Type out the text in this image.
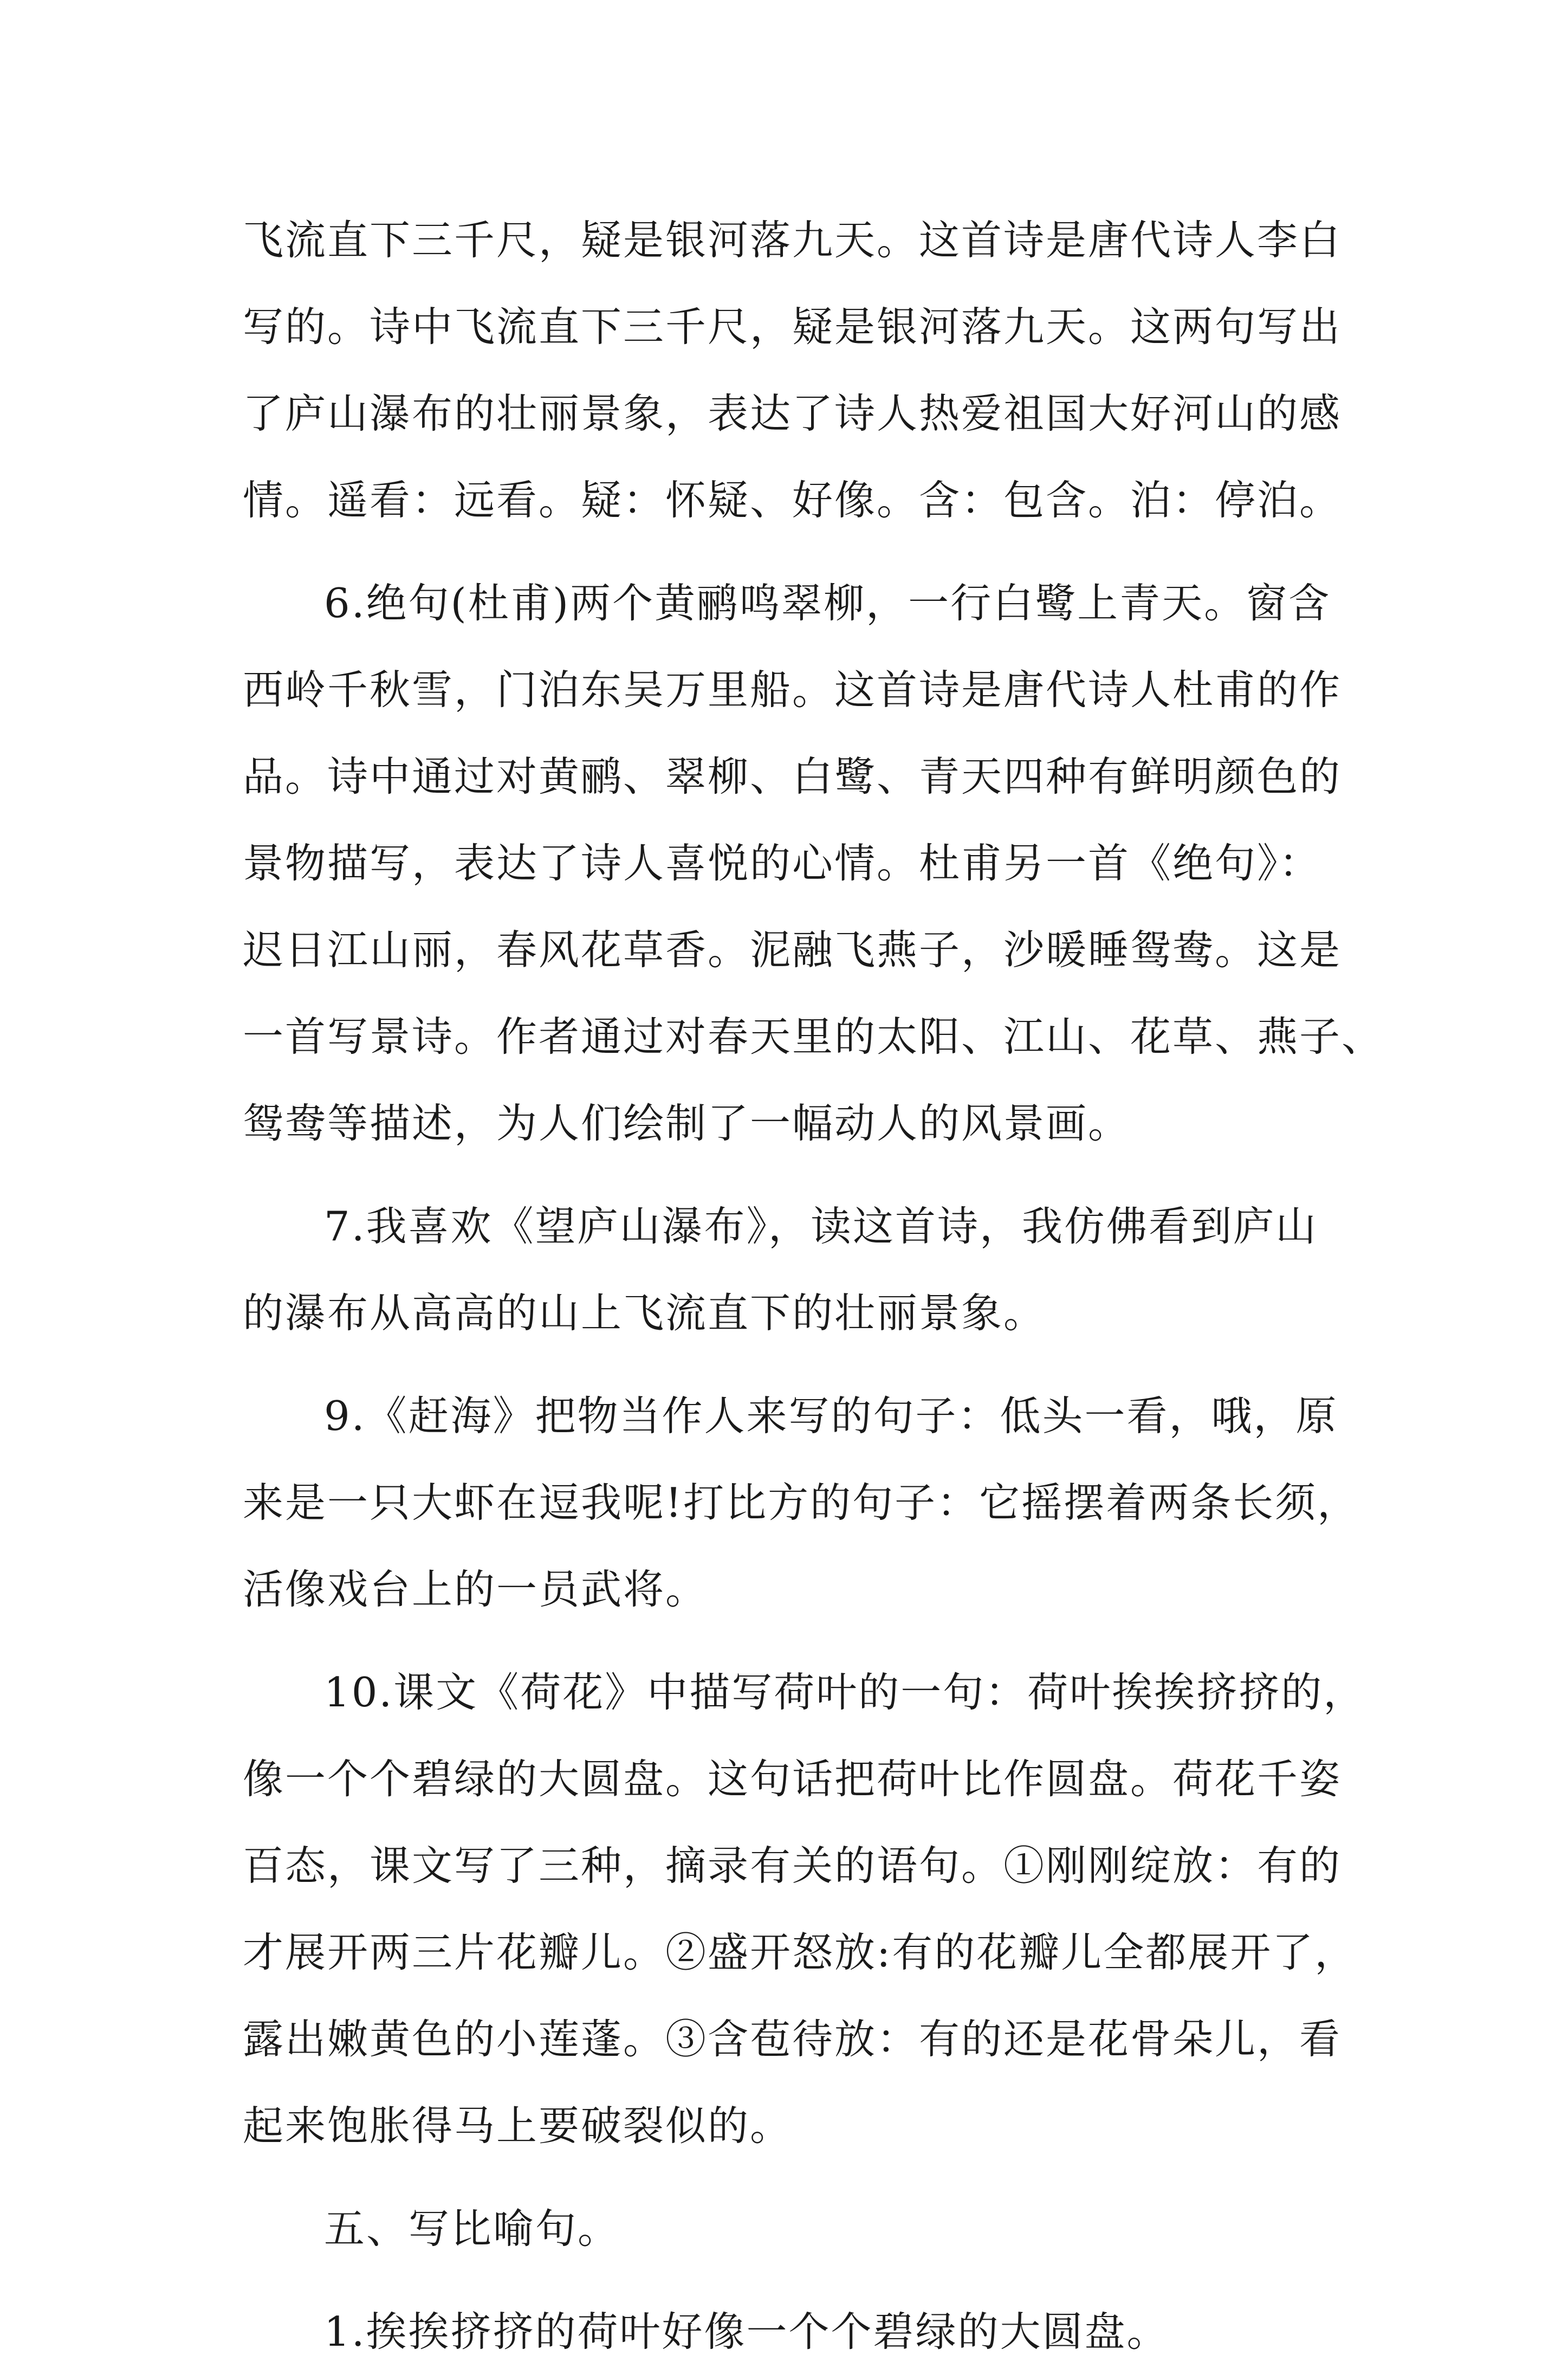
飞流直下三千尺，疑是银河落九天。这首诗是唐代诗人李白
写的。诗中飞流直下三千尺，疑是银河落九天。这两句写出
了庐山瀑布的壮丽景象，表达了诗人热爱祖国大好河山的感
情。遥看：远看。疑：怀疑、好像。含：包含。泊：停泊。

6.绝句(杜甫)两个黄鹂鸣翠柳，一行白鹭上青天。窗含
西岭千秋雪，门泊东吴万里船。这首诗是唐代诗人杜甫的作
品。诗中通过对黄鹂、翠柳、白鹭、青天四种有鲜明颜色的
景物描写，表达了诗人喜悦的心情。杜甫另一首《绝句》：
迟日江山丽，春风花草香。泥融飞燕子，沙暖睡鸳鸯。这是
一首写景诗。作者通过对春天里的太阳、江山、花草、燕子、
鸳鸯等描述，为人们绘制了一幅动人的风景画。

7.我喜欢《望庐山瀑布》，读这首诗，我仿佛看到庐山
的瀑布从高高的山上飞流直下的壮丽景象。

9.《赶海》把物当作人来写的句子：低头一看，哦，原
来是一只大虾在逗我呢!打比方的句子：它摇摆着两条长须，
活像戏台上的一员武将。

10.课文《荷花》中描写荷叶的一句：荷叶挨挨挤挤的，
像一个个碧绿的大圆盘。这句话把荷叶比作圆盘。荷花千姿
百态，课文写了三种，摘录有关的语句。①刚刚绽放：有的
才展开两三片花瓣儿。②盛开怒放:有的花瓣儿全都展开了，
露出嫩黄色的小莲蓬。③含苞待放：有的还是花骨朵儿，看
起来饱胀得马上要破裂似的。

五、写比喻句。

1.挨挨挤挤的荷叶好像一个个碧绿的大圆盘。
